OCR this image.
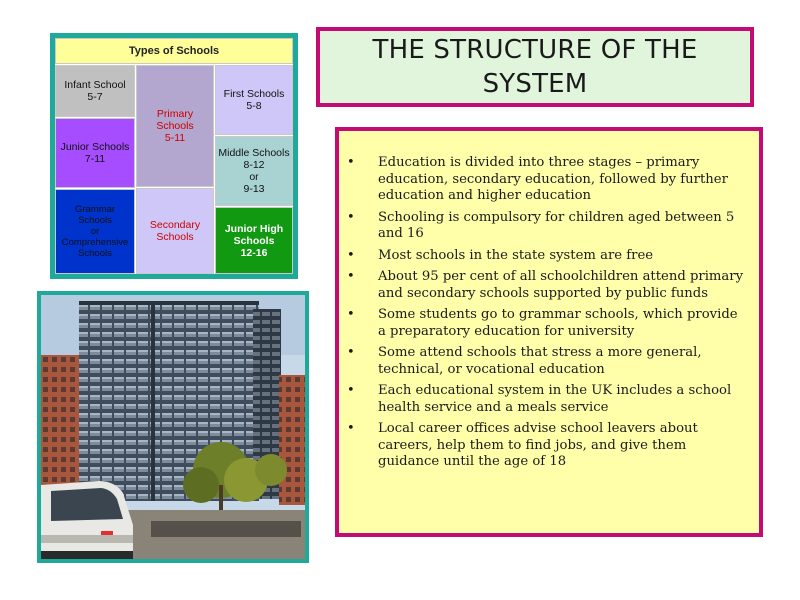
Types of Schools
Infant School
5-7
Junior Schools
7-11
Grammar
Schools
or
Comprehensive
Schools
Primary
Schools
5-11
Secondary
Schools
First Schools
5-8
Middle Schools
8-12
or
9-13
Junior High
Schools
12-16
THE STRUCTURE OF THE SYSTEM
• Education is divided into three stages – primary education, secondary education, followed by further education and higher education
• Schooling is compulsory for children aged between 5 and 16
• Most schools in the state system are free
• About 95 per cent of all schoolchildren attend primary and secondary schools supported by public funds
• Some students go to grammar schools, which provide a preparatory education for university
• Some attend schools that stress a more general, technical, or vocational education
• Each educational system in the UK includes a school health service and a meals service
• Local career offices advise school leavers about careers, help them to find jobs, and give them guidance until the age of 18
